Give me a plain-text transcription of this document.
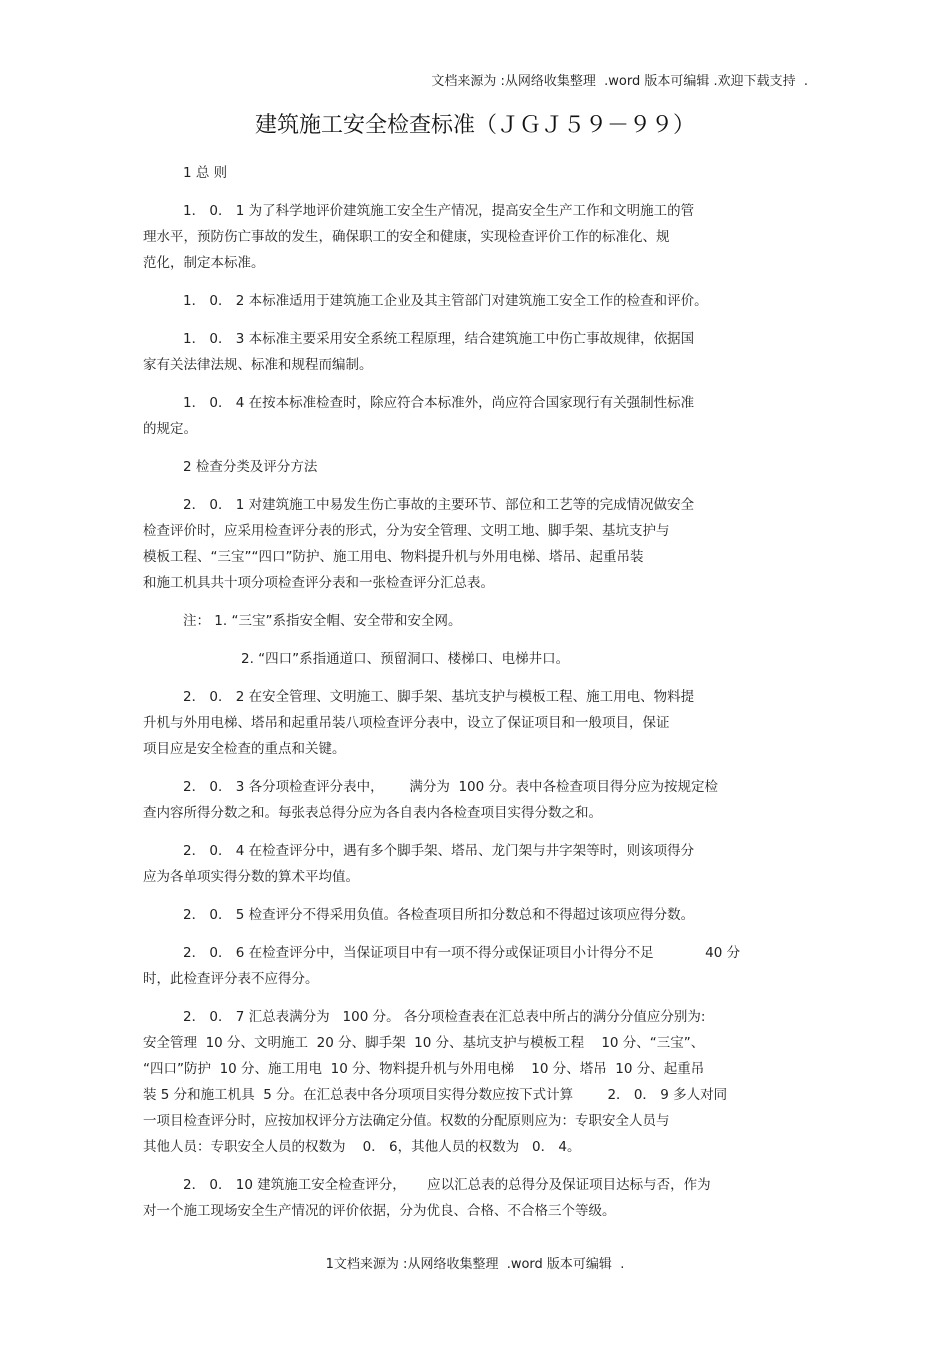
文档来源为 :从网络收集整理  .word 版本可编辑 .欢迎下载支持  .
建筑施工安全检查标准（ＪＧＪ５９－９９）

1 总 则

1． 0． 1 为了科学地评价建筑施工安全生产情况，提高安全生产工作和文明施工的管
理水平，预防伤亡事故的发生，确保职工的安全和健康，实现检查评价工作的标准化、规
范化，制定本标准。

1． 0． 2 本标准适用于建筑施工企业及其主管部门对建筑施工安全工作的检查和评价。

1． 0． 3 本标准主要采用安全系统工程原理，结合建筑施工中伤亡事故规律，依据国
家有关法律法规、标准和规程而编制。

1． 0． 4 在按本标准检查时，除应符合本标准外，尚应符合国家现行有关强制性标准
的规定。

2 检查分类及评分方法

2． 0． 1 对建筑施工中易发生伤亡事故的主要环节、部位和工艺等的完成情况做安全
检查评价时，应采用检查评分表的形式，分为安全管理、文明工地、脚手架、基坑支护与
模板工程、“三宝”“四口”防护、施工用电、物料提升机与外用电梯、塔吊、起重吊装
和施工机具共十项分项检查评分表和一张检查评分汇总表。

注： 1. “三宝”系指安全帽、安全带和安全网。

2. “四口”系指通道口、预留洞口、楼梯口、电梯井口。

2． 0． 2 在安全管理、文明施工、脚手架、基坑支护与模板工程、施工用电、物料提
升机与外用电梯、塔吊和起重吊装八项检查评分表中，设立了保证项目和一般项目，保证
项目应是安全检查的重点和关键。

2． 0． 3 各分项检查评分表中，      满分为  100 分。表中各检查项目得分应为按规定检
查内容所得分数之和。每张表总得分应为各自表内各检查项目实得分数之和。

2． 0． 4 在检查评分中，遇有多个脚手架、塔吊、龙门架与井字架等时，则该项得分
应为各单项实得分数的算术平均值。

2． 0． 5 检查评分不得采用负值。各检查项目所扣分数总和不得超过该项应得分数。

2． 0． 6 在检查评分中，当保证项目中有一项不得分或保证项目小计得分不足            40 分
时，此检查评分表不应得分。

2． 0． 7 汇总表满分为   100 分。 各分项检查表在汇总表中所占的满分分值应分别为:
安全管理  10 分、文明施工  20 分、脚手架  10 分、基坑支护与模板工程    10 分、“三宝”、
“四口”防护  10 分、施工用电  10 分、物料提升机与外用电梯    10 分、塔吊  10 分、起重吊
装 5 分和施工机具  5 分。在汇总表中各分项项目实得分数应按下式计算        2． 0． 9 多人对同
一项目检查评分时，应按加权评分方法确定分值。权数的分配原则应为：专职安全人员与
其他人员：专职安全人员的权数为    0． 6，其他人员的权数为   0． 4。

2． 0． 10 建筑施工安全检查评分，     应以汇总表的总得分及保证项目达标与否，作为
对一个施工现场安全生产情况的评价依据，分为优良、合格、不合格三个等级。

1文档来源为 :从网络收集整理  .word 版本可编辑  .
